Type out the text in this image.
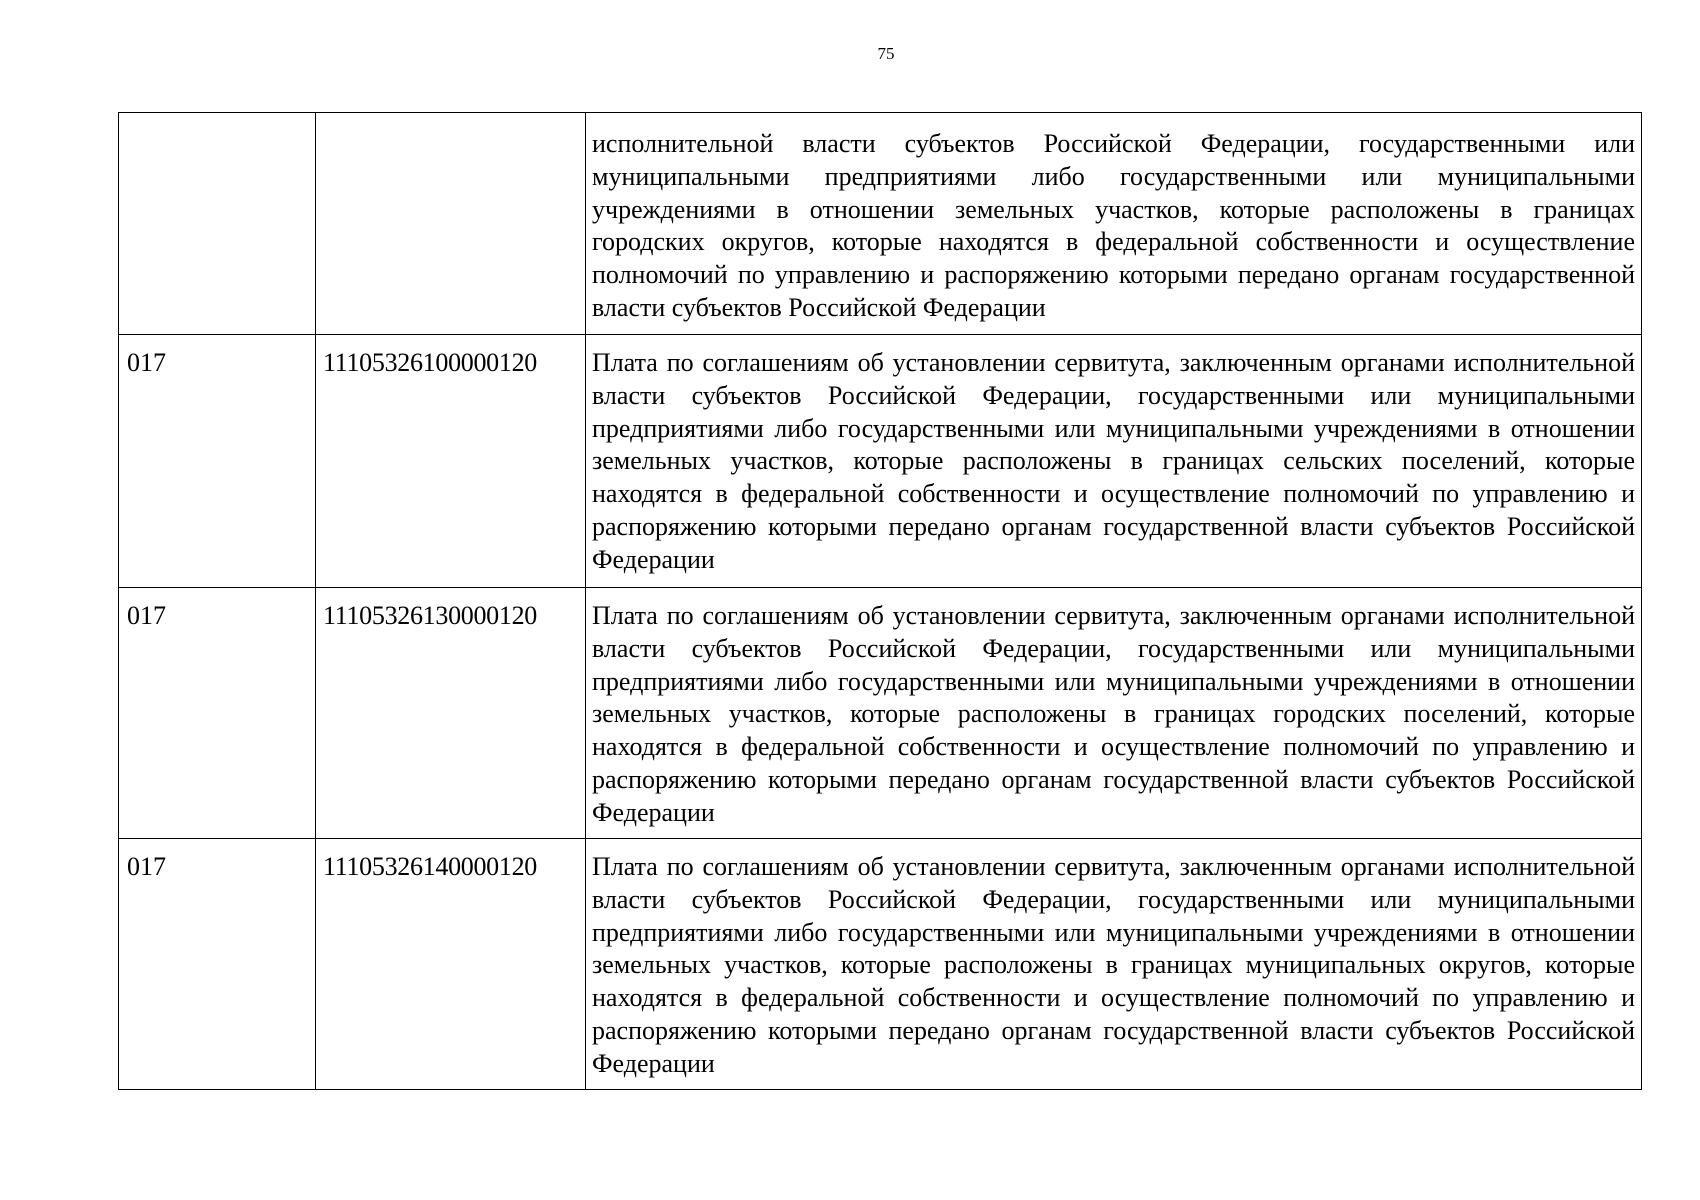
75
		исполнительной власти субъектов Российской Федерации, государственными или муниципальными предприятиями либо государственными или муниципальными учреждениями в отношении земельных участков, которые расположены в границах городских округов, которые находятся в федеральной собственности и осуществление полномочий по управлению и распоряжению которыми передано органам государственной власти субъектов Российской Федерации
017	11105326100000120	Плата по соглашениям об установлении сервитута, заключенным органами исполнительной власти субъектов Российской Федерации, государственными или муниципальными предприятиями либо государственными или муниципальными учреждениями в отношении земельных участков, которые расположены в границах сельских поселений, которые находятся в федеральной собственности и осуществление полномочий по управлению и распоряжению которыми передано органам государственной власти субъектов Российской Федерации
017	11105326130000120	Плата по соглашениям об установлении сервитута, заключенным органами исполнительной власти субъектов Российской Федерации, государственными или муниципальными предприятиями либо государственными или муниципальными учреждениями в отношении земельных участков, которые расположены в границах городских поселений, которые находятся в федеральной собственности и осуществление полномочий по управлению и распоряжению которыми передано органам государственной власти субъектов Российской Федерации
017	11105326140000120	Плата по соглашениям об установлении сервитута, заключенным органами исполнительной власти субъектов Российской Федерации, государственными или муниципальными предприятиями либо государственными или муниципальными учреждениями в отношении земельных участков, которые расположены в границах муниципальных округов, которые находятся в федеральной собственности и осуществление полномочий по управлению и распоряжению которыми передано органам государственной власти субъектов Российской Федерации
